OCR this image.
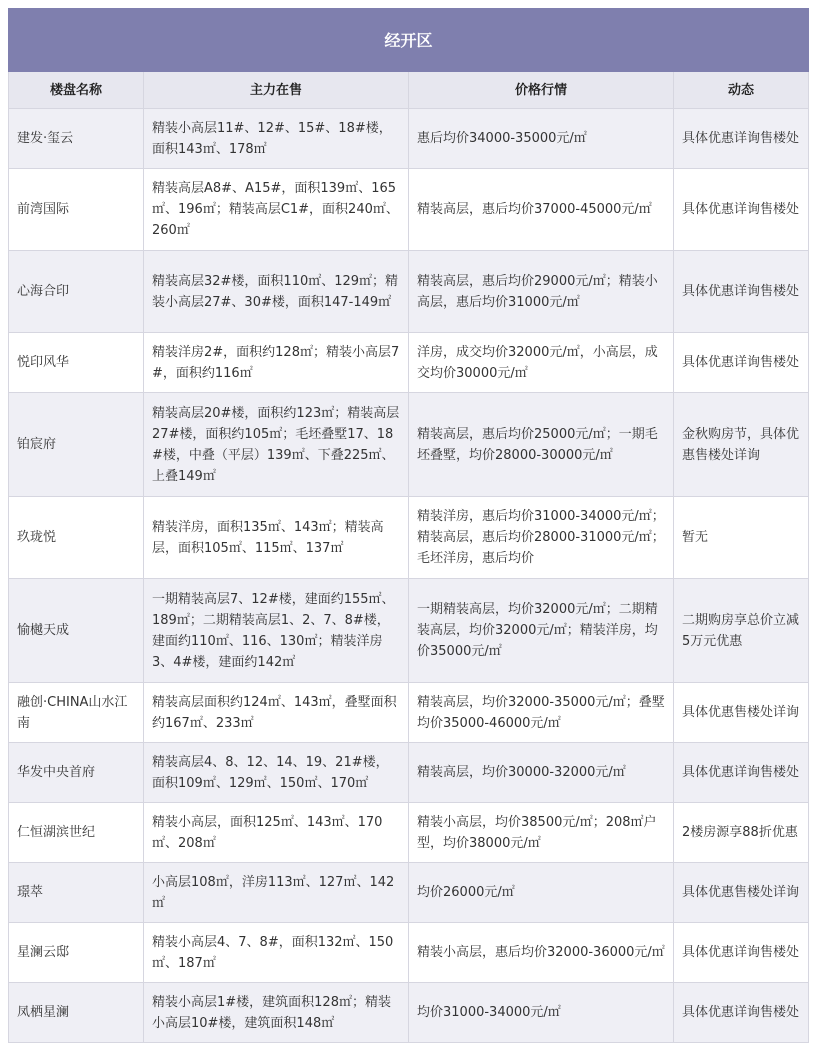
经开区			
楼盘名称	主力在售	价格行情	动态
建发·玺云	精装小高层11#、12#、15#、18#楼，面积143㎡、178㎡	惠后均价34000-35000元/㎡	具体优惠详询售楼处
前湾国际	精装高层A8#、A15#，面积139㎡、165㎡、196㎡；精装高层C1#，面积240㎡、260㎡	精装高层，惠后均价37000-45000元/㎡	具体优惠详询售楼处
心海合印	精装高层32#楼，面积110㎡、129㎡；精装小高层27#、30#楼，面积147-149㎡	精装高层，惠后均价29000元/㎡；精装小高层，惠后均价31000元/㎡	具体优惠详询售楼处
悦印风华	精装洋房2#，面积约128㎡；精装小高层7#，面积约116㎡	洋房，成交均价32000元/㎡，小高层，成交均价30000元/㎡	具体优惠详询售楼处
铂宸府	精装高层20#楼，面积约123㎡；精装高层27#楼，面积约105㎡；毛坯叠墅17、18#楼，中叠（平层）139㎡、下叠225㎡、上叠149㎡	精装高层，惠后均价25000元/㎡；一期毛坯叠墅，均价28000-30000元/㎡	金秋购房节，具体优惠售楼处详询
玖珑悦	精装洋房，面积135㎡、143㎡；精装高层，面积105㎡、115㎡、137㎡	精装洋房，惠后均价31000-34000元/㎡；精装高层，惠后均价28000-31000元/㎡；毛坯洋房，惠后均价	暂无
愉樾天成	一期精装高层7、12#楼，建面约155㎡、189㎡；二期精装高层1、2、7、8#楼，建面约110㎡、116、130㎡；精装洋房3、4#楼，建面约142㎡	一期精装高层，均价32000元/㎡；二期精装高层，均价32000元/㎡；精装洋房，均价35000元/㎡	二期购房享总价立减5万元优惠
融创·CHINA山水江南	精装高层面积约124㎡、143㎡，叠墅面积约167㎡、233㎡	精装高层，均价32000-35000元/㎡；叠墅均价35000-46000元/㎡	具体优惠售楼处详询
华发中央首府	精装高层4、8、12、14、19、21#楼，面积109㎡、129㎡、150㎡、170㎡	精装高层，均价30000-32000元/㎡	具体优惠详询售楼处
仁恒湖滨世纪	精装小高层，面积125㎡、143㎡、170㎡、208㎡	精装小高层，均价38500元/㎡；208㎡户型，均价38000元/㎡	2楼房源享88折优惠
璟萃	小高层108㎡，洋房113㎡、127㎡、142㎡	均价26000元/㎡	具体优惠售楼处详询
星澜云邸	精装小高层4、7、8#，面积132㎡、150㎡、187㎡	精装小高层，惠后均价32000-36000元/㎡	具体优惠详询售楼处
凤栖星澜	精装小高层1#楼，建筑面积128㎡；精装小高层10#楼，建筑面积148㎡	均价31000-34000元/㎡	具体优惠详询售楼处
